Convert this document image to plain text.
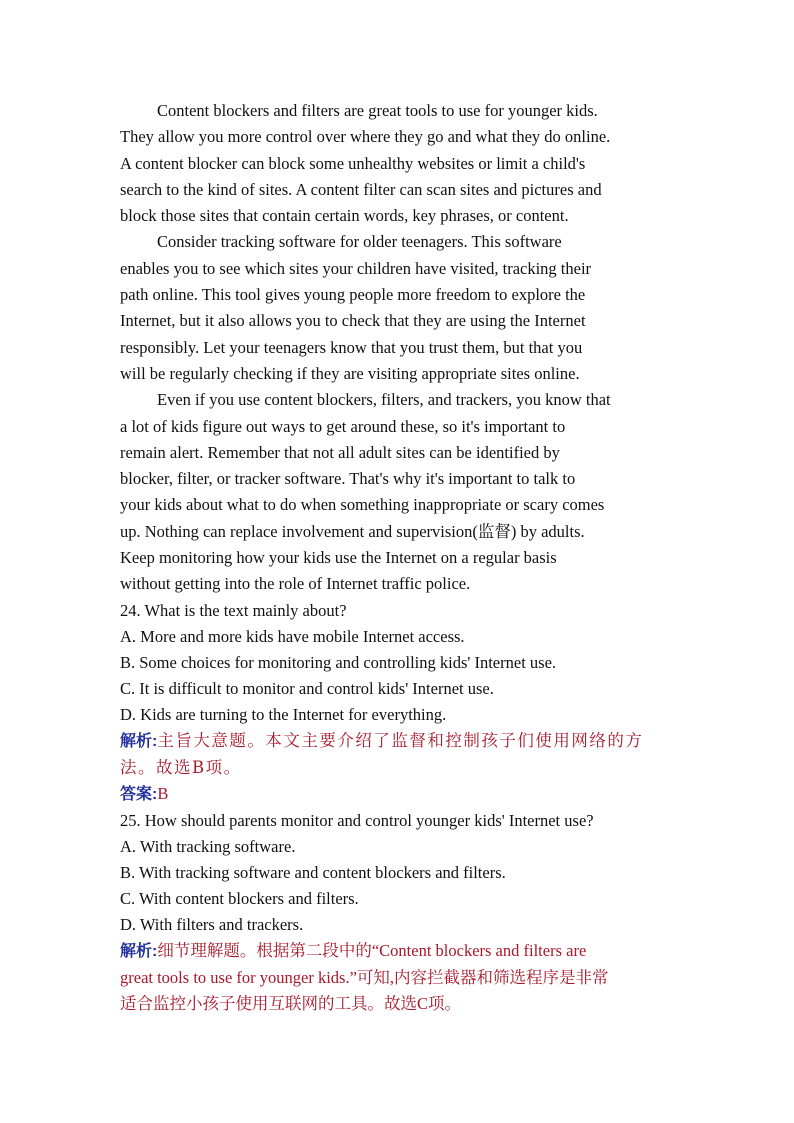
Content blockers and filters are great tools to use for younger kids.
They allow you more control over where they go and what they do online.
A content blocker can block some unhealthy websites or limit a child's
search to the kind of sites. A content filter can scan sites and pictures and
block those sites that contain certain words, key phrases, or content.
Consider tracking software for older teenagers. This software
enables you to see which sites your children have visited, tracking their
path online. This tool gives young people more freedom to explore the
Internet, but it also allows you to check that they are using the Internet
responsibly. Let your teenagers know that you trust them, but that you
will be regularly checking if they are visiting appropriate sites online.
Even if you use content blockers, filters, and trackers, you know that
a lot of kids figure out ways to get around these, so it's important to
remain alert. Remember that not all adult sites can be identified by
blocker, filter, or tracker software. That's why it's important to talk to
your kids about what to do when something inappropriate or scary comes
up. Nothing can replace involvement and supervision(监督) by adults.
Keep monitoring how your kids use the Internet on a regular basis
without getting into the role of Internet traffic police.

24. What is the text mainly about?

A. More and more kids have mobile Internet access.

B. Some choices for monitoring and controlling kids' Internet use.

C. It is difficult to monitor and control kids' Internet use.

D. Kids are turning to the Internet for everything.

解析:主旨大意题。本文主要介绍了监督和控制孩子们使用网络的方
法。故选B项。

答案:B

25. How should parents monitor and control younger kids' Internet use?

A. With tracking software.

B. With tracking software and content blockers and filters.

C. With content blockers and filters.

D. With filters and trackers.

解析:细节理解题。根据第二段中的“Content blockers and filters are
great tools to use for younger kids.”可知,内容拦截器和筛选程序是非常
适合监控小孩子使用互联网的工具。故选C项。
